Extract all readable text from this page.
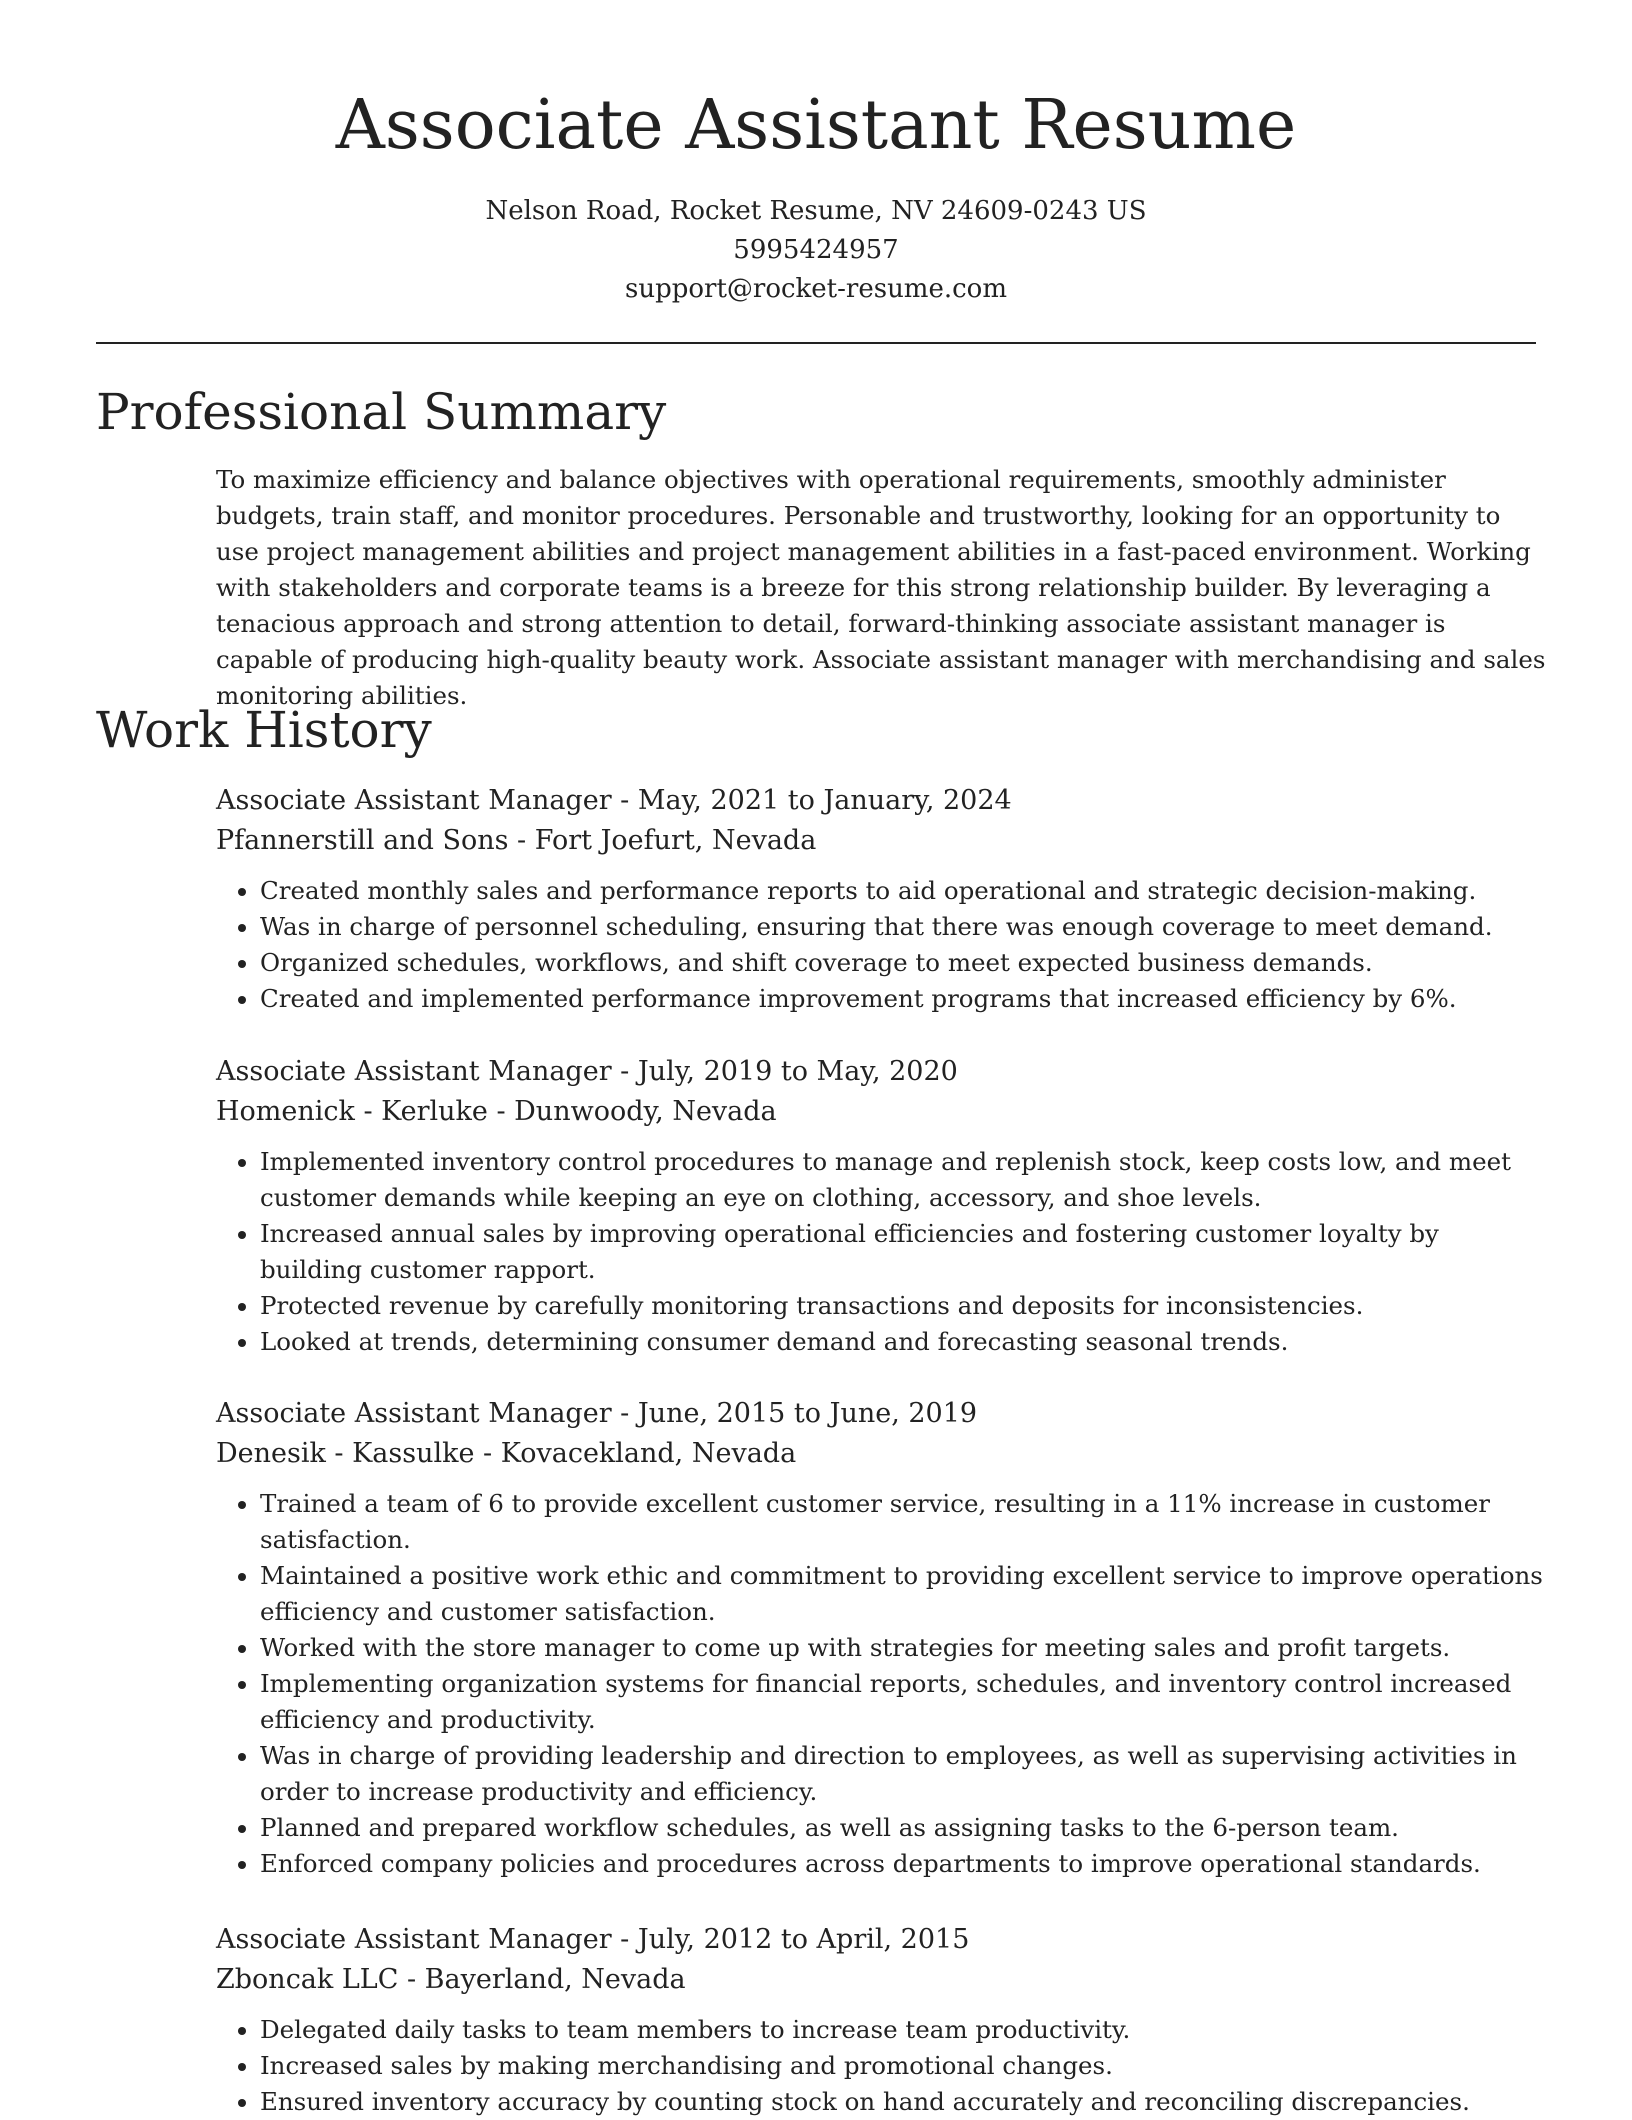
Associate Assistant Resume
Nelson Road, Rocket Resume, NV 24609-0243 US
5995424957
support@rocket-resume.com
Professional Summary

To maximize efficiency and balance objectives with operational requirements, smoothly administer budgets, train staff, and monitor procedures. Personable and trustworthy, looking for an opportunity to use project management abilities and project management abilities in a fast-paced environment. Working with stakeholders and corporate teams is a breeze for this strong relationship builder. By leveraging a tenacious approach and strong attention to detail, forward-thinking associate assistant manager is capable of producing high-quality beauty work. Associate assistant manager with merchandising and sales monitoring abilities.

Work History
Associate Assistant Manager - May, 2021 to January, 2024
Pfannerstill and Sons - Fort Joefurt, Nevada
• Created monthly sales and performance reports to aid operational and strategic decision-making.
• Was in charge of personnel scheduling, ensuring that there was enough coverage to meet demand.
• Organized schedules, workflows, and shift coverage to meet expected business demands.
• Created and implemented performance improvement programs that increased efficiency by 6%.
Associate Assistant Manager - July, 2019 to May, 2020
Homenick - Kerluke - Dunwoody, Nevada
• Implemented inventory control procedures to manage and replenish stock, keep costs low, and meet customer demands while keeping an eye on clothing, accessory, and shoe levels.
• Increased annual sales by improving operational efficiencies and fostering customer loyalty by building customer rapport.
• Protected revenue by carefully monitoring transactions and deposits for inconsistencies.
• Looked at trends, determining consumer demand and forecasting seasonal trends.
Associate Assistant Manager - June, 2015 to June, 2019
Denesik - Kassulke - Kovacekland, Nevada
• Trained a team of 6 to provide excellent customer service, resulting in a 11% increase in customer satisfaction.
• Maintained a positive work ethic and commitment to providing excellent service to improve operations efficiency and customer satisfaction.
• Worked with the store manager to come up with strategies for meeting sales and profit targets.
• Implementing organization systems for financial reports, schedules, and inventory control increased efficiency and productivity.
• Was in charge of providing leadership and direction to employees, as well as supervising activities in order to increase productivity and efficiency.
• Planned and prepared workflow schedules, as well as assigning tasks to the 6-person team.
• Enforced company policies and procedures across departments to improve operational standards.
Associate Assistant Manager - July, 2012 to April, 2015
Zboncak LLC - Bayerland, Nevada
• Delegated daily tasks to team members to increase team productivity.
• Increased sales by making merchandising and promotional changes.
• Ensured inventory accuracy by counting stock on hand accurately and reconciling discrepancies.
